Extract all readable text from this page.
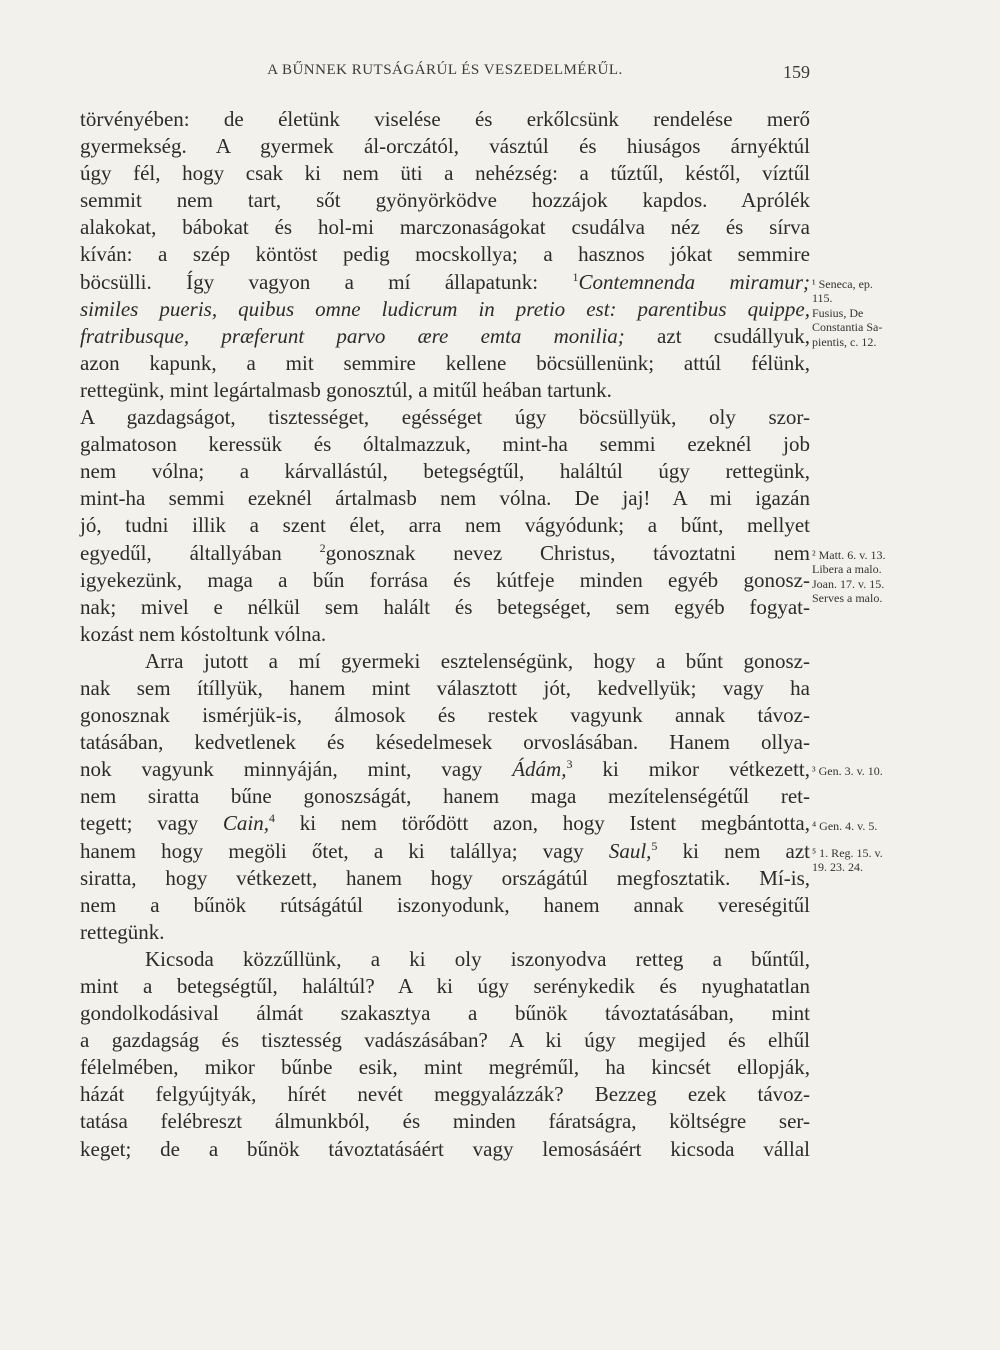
A BŰNNEK RUTSÁGÁRÚL ÉS VESZEDELMÉRŰL.	159
törvényében: de életünk viselése és erkőlcsünk rendelése merő
gyermekség. A gyermek ál-orczától, vásztúl és hiuságos árnyéktúl
úgy fél, hogy csak ki nem üti a nehézség: a tűztűl, késtől, víztűl
semmit nem tart, sőt gyönyörködve hozzájok kapdos. Aprólék
alakokat, bábokat és hol-mi marczonaságokat csudálva néz és sírva
kíván: a szép köntöst pedig mocskollya; a hasznos jókat semmire
böcsülli. Így vagyon a mí állapatunk: $^1$Contemnenda miramur;
similes pueris, quibus omne ludicrum in pretio est: parentibus quippe,
fratribusque, præferunt parvo ære emta monilia; azt csudállyuk,
azon kapunk, a mit semmire kellene böcsüllenünk; attúl félünk,
rettegünk, mint legártalmasb gonosztúl, a mitűl heában tartunk.
A gazdagságot, tisztességet, egésséget úgy böcsüllyük, oly szor-
galmatoson keressük és óltalmazzuk, mint-ha semmi ezeknél job
nem vólna; a kárvallástúl, betegségtűl, haláltúl úgy rettegünk,
mint-ha semmi ezeknél ártalmasb nem vólna. De jaj! A mi igazán
jó, tudni illik a szent élet, arra nem vágyódunk; a bűnt, mellyet
egyedűl, általlyában $^2$gonosznak nevez Christus, távoztatni nem
igyekezünk, maga a bűn forrása és kútfeje minden egyéb gonosz-
nak; mivel e nélkül sem halált és betegséget, sem egyéb fogyat-
kozást nem kóstoltunk vólna.
Arra jutott a mí gyermeki esztelenségünk, hogy a bűnt gonosz-
nak sem ítíllyük, hanem mint választott jót, kedvellyük; vagy ha
gonosznak ismérjük-is, álmosok és restek vagyunk annak távoz-
tatásában, kedvetlenek és késedelmesek orvoslásában. Hanem ollya-
nok vagyunk minnyáján, mint, vagy Ádám,$^3$ ki mikor vétkezett,
nem siratta bűne gonoszságát, hanem maga mezítelenségétűl ret-
tegett; vagy Cain,$^4$ ki nem törődött azon, hogy Istent megbántotta,
hanem hogy megöli őtet, a ki talállya; vagy Saul,$^5$ ki nem azt
siratta, hogy vétkezett, hanem hogy országátúl megfosztatik. Mí-is,
nem a bűnök rútságátúl iszonyodunk, hanem annak vereségitűl
rettegünk.
Kicsoda közzűllünk, a ki oly iszonyodva retteg a bűntűl,
mint a betegségtűl, haláltúl? A ki úgy serénykedik és nyughatatlan
gondolkodásival álmát szakasztya a bűnök távoztatásában, mint
a gazdagság és tisztesség vadászásában? A ki úgy megijed és elhűl
félelmében, mikor bűnbe esik, mint megréműl, ha kincsét ellopják,
házát felgyújtyák, hírét nevét meggyalázzák? Bezzeg ezek távoz-
tatása felébreszt álmunkból, és minden fáratságra, költségre ser-
keget; de a bűnök távoztatásáért vagy lemosásáért kicsoda vállal
¹ Seneca, ep.
115.
Fusius, De
Constantia Sa-
pientis, c. 12.
² Matt. 6. v. 13.
Libera a malo.
Joan. 17. v. 15.
Serves a malo.
³ Gen. 3. v. 10.
⁴ Gen. 4. v. 5.
⁵ 1. Reg. 15. v.
19. 23. 24.
